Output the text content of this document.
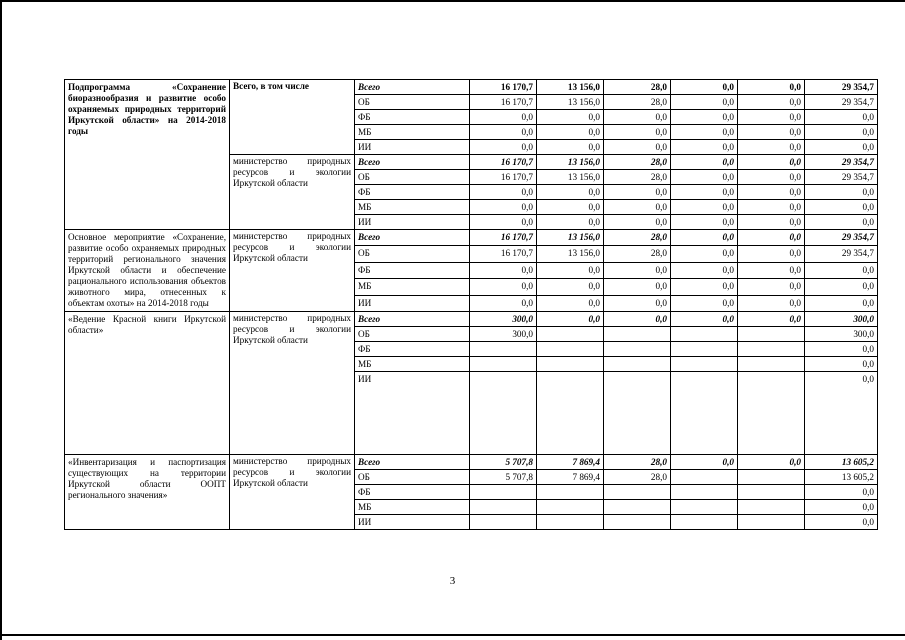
Подпрограмма «Сохранение биоразнообразия и развитие особо охраняемых природных территорий Иркутской области» на 2014-2018 годы	Всего, в том числе	Всего	16 170,7	13 156,0	28,0	0,0	0,0	29 354,7
		ОБ	16 170,7	13 156,0	28,0	0,0	0,0	29 354,7
		ФБ	0,0	0,0	0,0	0,0	0,0	0,0
		МБ	0,0	0,0	0,0	0,0	0,0	0,0
		ИИ	0,0	0,0	0,0	0,0	0,0	0,0
	министерство природных ресурсов и экологии Иркутской области	Всего	16 170,7	13 156,0	28,0	0,0	0,0	29 354,7
		ОБ	16 170,7	13 156,0	28,0	0,0	0,0	29 354,7
		ФБ	0,0	0,0	0,0	0,0	0,0	0,0
		МБ	0,0	0,0	0,0	0,0	0,0	0,0
		ИИ	0,0	0,0	0,0	0,0	0,0	0,0
Основное мероприятие «Сохранение, развитие особо охраняемых природных территорий регионального значения Иркутской области и обеспечение рационального использования объектов животного мира, отнесенных к объектам охоты» на 2014-2018 годы	министерство природных ресурсов и экологии Иркутской области	Всего	16 170,7	13 156,0	28,0	0,0	0,0	29 354,7
		ОБ	16 170,7	13 156,0	28,0	0,0	0,0	29 354,7
		ФБ	0,0	0,0	0,0	0,0	0,0	0,0
		МБ	0,0	0,0	0,0	0,0	0,0	0,0
		ИИ	0,0	0,0	0,0	0,0	0,0	0,0
«Ведение Красной книги Иркутской области»	министерство природных ресурсов и экологии Иркутской области	Всего	300,0	0,0	0,0	0,0	0,0	300,0
		ОБ	300,0					300,0
		ФБ						0,0
		МБ						0,0
		ИИ						0,0
«Инвентаризация и паспортизация существующих на территории Иркутской области ООПТ регионального значения»	министерство природных ресурсов и экологии Иркутской области	Всего	5 707,8	7 869,4	28,0	0,0	0,0	13 605,2
		ОБ	5 707,8	7 869,4	28,0			13 605,2
		ФБ						0,0
		МБ						0,0
		ИИ						0,0
3
